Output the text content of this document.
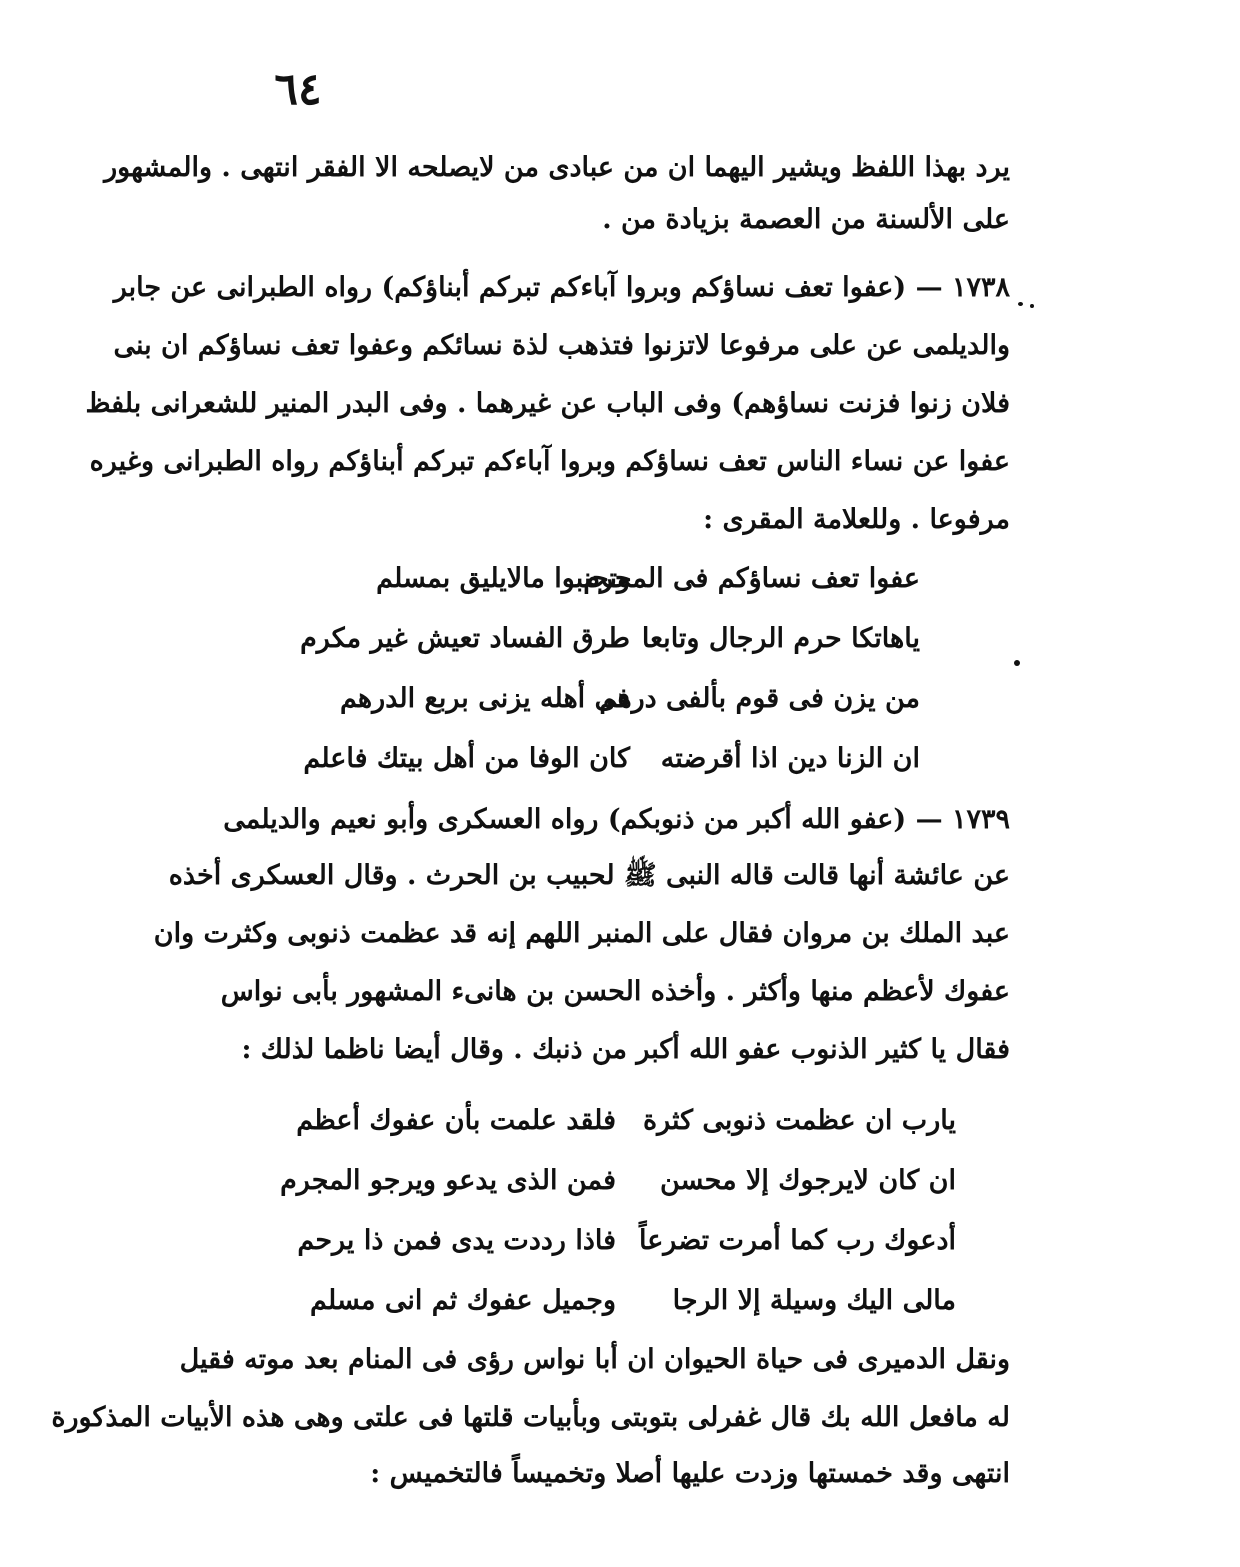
٦٤
يرد بهذا اللفظ ويشير اليهما ان من عبادى من لايصلحه الا الفقر انتهى . والمشهور
على الألسنة من العصمة بزيادة من .
١٧٣٨ — (عفوا تعف نساؤكم وبروا آباءكم تبركم أبناؤكم) رواه الطبرانى عن جابر
والديلمى عن على مرفوعا لاتزنوا فتذهب لذة نسائكم وعفوا تعف نساؤكم ان بنى
فلان زنوا فزنت نساؤهم) وفى الباب عن غيرهما . وفى البدر المنير للشعرانى بلفظ
عفوا عن نساء الناس تعف نساؤكم وبروا آباءكم تبركم أبناؤكم رواه الطبرانى وغيره
مرفوعا . وللعلامة المقرى :
عفوا تعف نساؤكم فى المحرم
وتجنبوا مالايليق بمسلم
ياهاتكا حرم الرجال وتابعا
طرق الفساد تعيش غير مكرم
من يزن فى قوم بألفى درهم
فى أهله يزنى بربع الدرهم
ان الزنا دين اذا أقرضته
كان الوفا من أهل بيتك فاعلم
١٧٣٩ — (عفو الله أكبر من ذنوبكم) رواه العسكرى وأبو نعيم والديلمى
عن عائشة أنها قالت قاله النبى ﷺ لحبيب بن الحرث . وقال العسكرى أخذه
عبد الملك بن مروان فقال على المنبر اللهم إنه قد عظمت ذنوبى وكثرت وان
عفوك لأعظم منها وأكثر . وأخذه الحسن بن هانىء المشهور بأبى نواس
فقال يا كثير الذنوب عفو الله أكبر من ذنبك . وقال أيضا ناظما لذلك :
يارب ان عظمت ذنوبى كثرة
فلقد علمت بأن عفوك أعظم
ان كان لايرجوك إلا محسن
فمن الذى يدعو ويرجو المجرم
أدعوك رب كما أمرت تضرعاً
فاذا رددت يدى فمن ذا يرحم
مالى اليك وسيلة إلا الرجا
وجميل عفوك ثم انى مسلم
ونقل الدميرى فى حياة الحيوان ان أبا نواس رؤى فى المنام بعد موته فقيل
له مافعل الله بك قال غفرلى بتوبتى وبأبيات قلتها فى علتى وهى هذه الأبيات المذكورة
انتهى وقد خمستها وزدت عليها أصلا وتخميساً فالتخميس :
